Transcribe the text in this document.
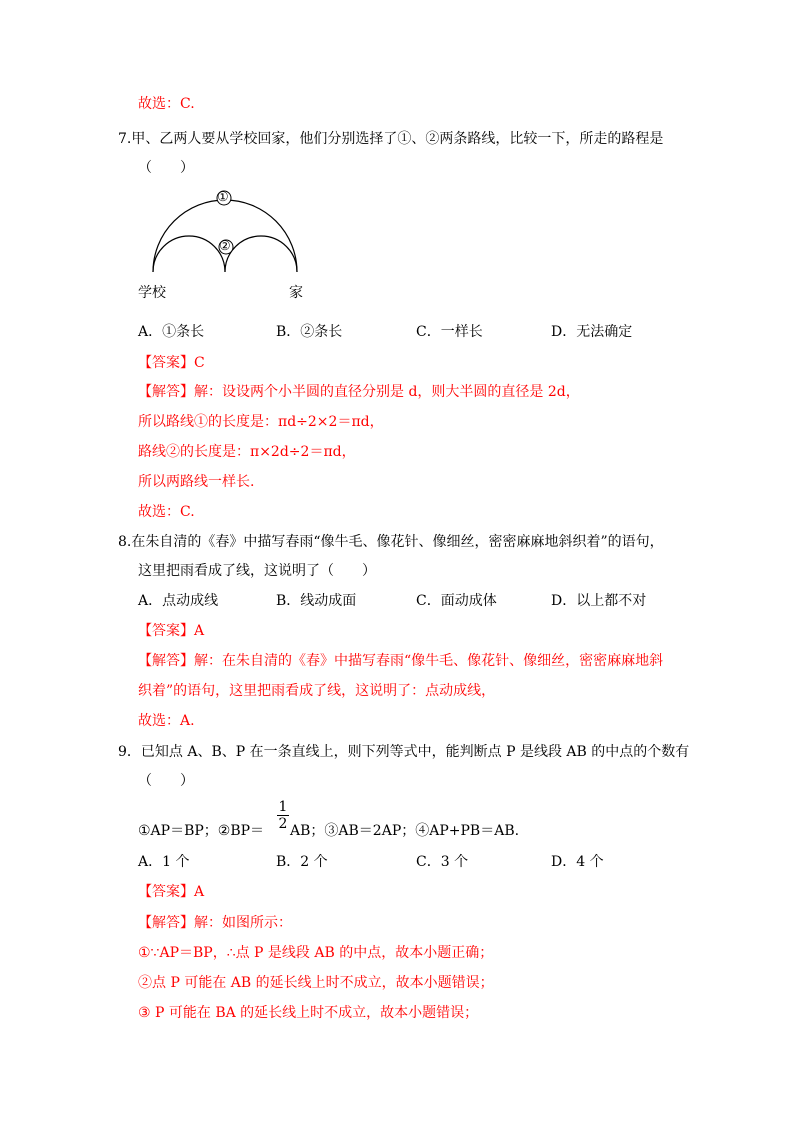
故选：C.
7.甲、乙两人要从学校回家，他们分别选择了①、②两条路线，比较一下，所走的路程是
（　　）
①
②
学校	家
A．①条长	B．②条长	C．一样长	D．无法确定
【答案】C
【解答】解：设设两个小半圆的直径分别是 d，则大半圆的直径是 2d，
所以路线①的长度是：πd÷2×2＝πd，
路线②的长度是：π×2d÷2＝πd，
所以两路线一样长.
故选：C.
8.在朱自清的《春》中描写春雨“像牛毛、像花针、像细丝，密密麻麻地斜织着”的语句，
这里把雨看成了线，这说明了（　　）
A．点动成线	B．线动成面	C．面动成体	D．以上都不对
【答案】A
【解答】解：在朱自清的《春》中描写春雨“像牛毛、像花针、像细丝，密密麻麻地斜
织着”的语句，这里把雨看成了线，这说明了：点动成线，
故选：A.
9．已知点 A、B、P 在一条直线上，则下列等式中，能判断点 P 是线段 AB 的中点的个数有
（　　）
①AP＝BP；②BP＝
1
2 AB；③AB＝2AP；④AP+PB＝AB.
A．1 个	B．2 个	C．3 个	D．4 个
【答案】A
【解答】解：如图所示：
①∵AP＝BP，∴点 P 是线段 AB 的中点，故本小题正确；
②点 P 可能在 AB 的延长线上时不成立，故本小题错误；
③ P 可能在 BA 的延长线上时不成立，故本小题错误；
